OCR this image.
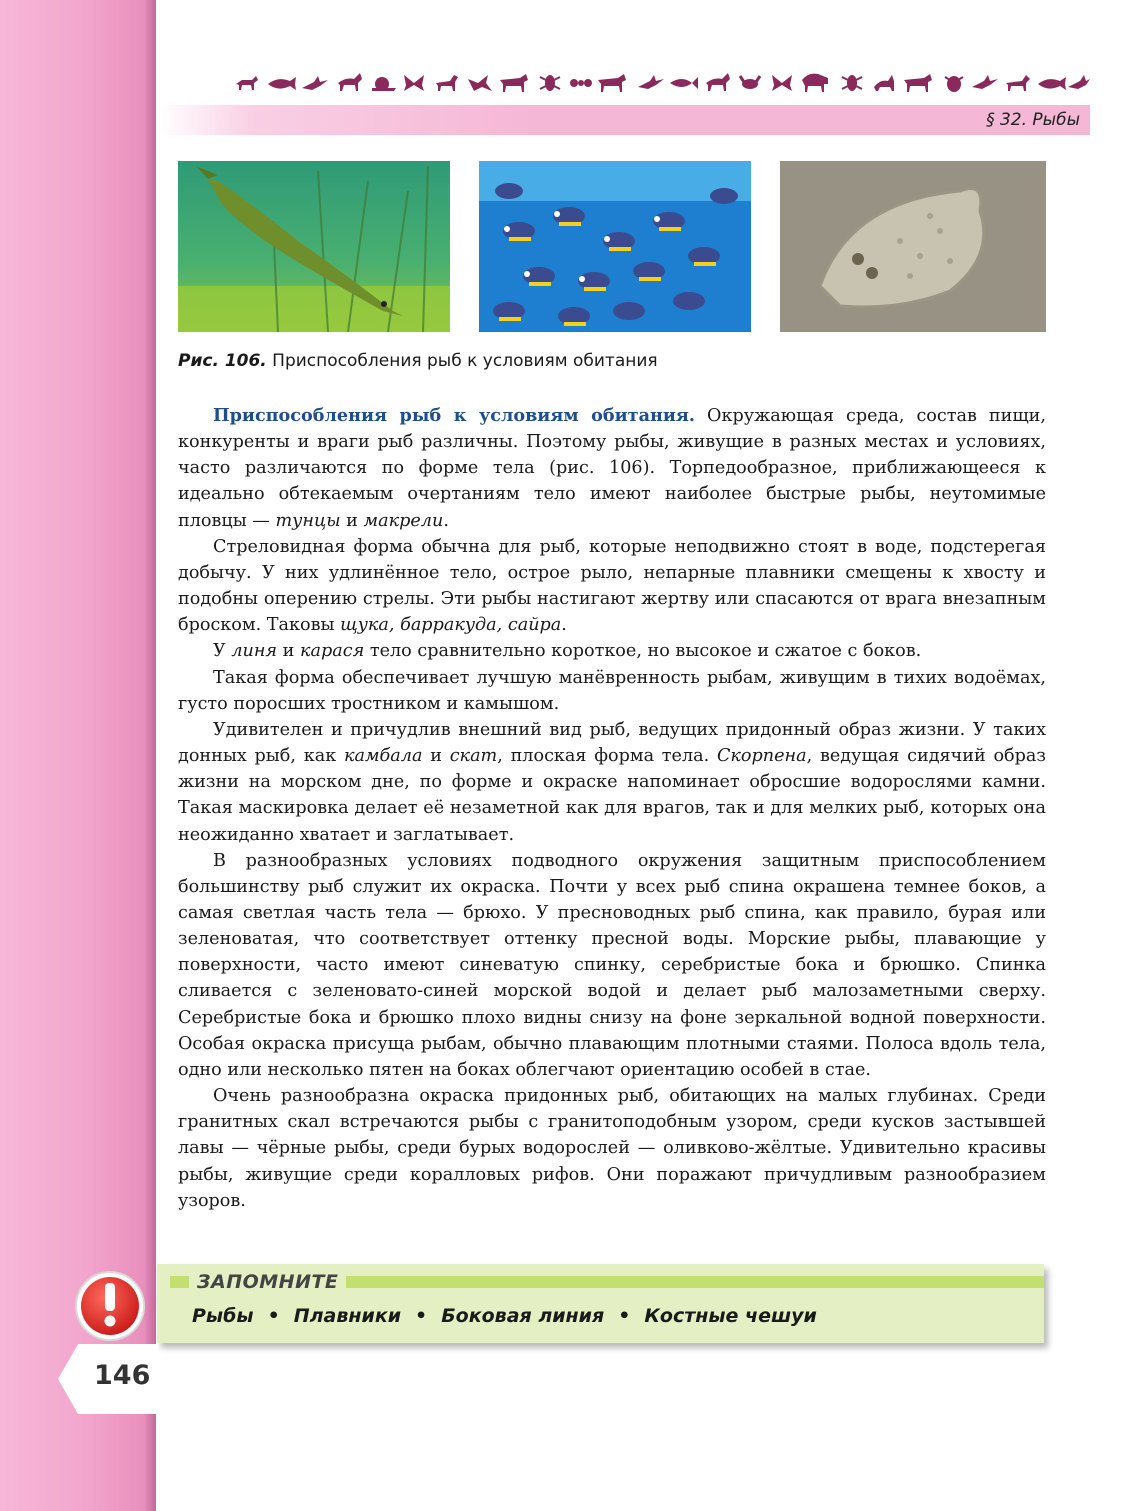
§ 32. Рыбы
Рис. 106. Приспособления рыб к условиям обитания

Приспособления рыб к условиям обитания. Окружающая среда, состав пищи, конкуренты и враги рыб различны. Поэтому рыбы, живущие в разных местах и условиях, часто различаются по форме тела (рис. 106). Торпедообразное, приближающееся к идеально обтекаемым очертаниям тело имеют наиболее быстрые рыбы, неутомимые пловцы — тунцы и макрели.

Стреловидная форма обычна для рыб, которые неподвижно стоят в воде, подстерегая добычу. У них удлинённое тело, острое рыло, непарные плавники смещены к хвосту и подобны оперению стрелы. Эти рыбы настигают жертву или спасаются от врага внезапным броском. Таковы щука, барракуда, сайра.

У линя и карася тело сравнительно короткое, но высокое и сжатое с боков.

Такая форма обеспечивает лучшую манёвренность рыбам, живущим в тихих водоёмах, густо поросших тростником и камышом.

Удивителен и причудлив внешний вид рыб, ведущих придонный образ жизни. У таких донных рыб, как камбала и скат, плоская форма тела. Скорпена, ведущая сидячий образ жизни на морском дне, по форме и окраске напоминает обросшие водорослями камни. Такая маскировка делает её незаметной как для врагов, так и для мелких рыб, которых она неожиданно хватает и заглатывает.

В разнообразных условиях подводного окружения защитным приспособлением большинству рыб служит их окраска. Почти у всех рыб спина окрашена темнее боков, а самая светлая часть тела — брюхо. У пресноводных рыб спина, как правило, бурая или зеленоватая, что соответствует оттенку пресной воды. Морские рыбы, плавающие у поверхности, часто имеют синеватую спинку, серебристые бока и брюшко. Спинка сливается с зеленовато-синей морской водой и делает рыб малозаметными сверху. Серебристые бока и брюшко плохо видны снизу на фоне зеркальной водной поверхности. Особая окраска присуща рыбам, обычно плавающим плотными стаями. Полоса вдоль тела, одно или несколько пятен на боках облегчают ориентацию особей в стае.

Очень разнообразна окраска придонных рыб, обитающих на малых глубинах. Среди гранитных скал встречаются рыбы с гранитоподобным узором, среди кусков застывшей лавы — чёрные рыбы, среди бурых водорослей — оливково-жёлтые. Удивительно красивы рыбы, живущие среди коралловых рифов. Они поражают причудливым разнообразием узоров.

ЗАПОМНИТЕ
Рыбы • Плавники • Боковая линия • Костные чешуи
146
